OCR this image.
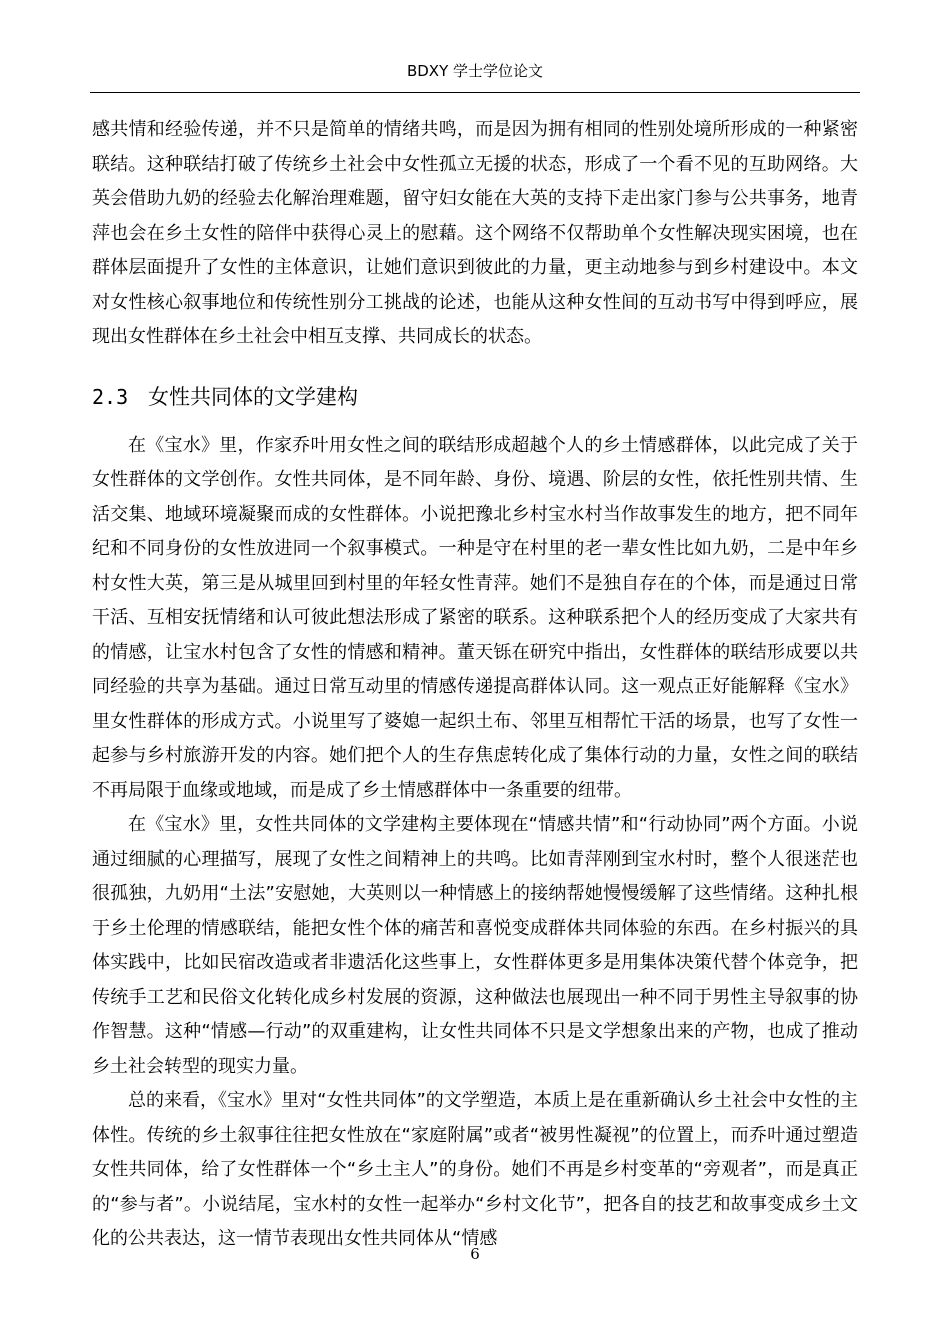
BDXY 学士学位论文

感共情和经验传递，并不只是简单的情绪共鸣，而是因为拥有相同的性别处境所形成的一种紧密联结。这种联结打破了传统乡土社会中女性孤立无援的状态，形成了一个看不见的互助网络。大英会借助九奶的经验去化解治理难题，留守妇女能在大英的支持下走出家门参与公共事务，地青萍也会在乡土女性的陪伴中获得心灵上的慰藉。这个网络不仅帮助单个女性解决现实困境，也在群体层面提升了女性的主体意识，让她们意识到彼此的力量，更主动地参与到乡村建设中。本文对女性核心叙事地位和传统性别分工挑战的论述，也能从这种女性间的互动书写中得到呼应，展现出女性群体在乡土社会中相互支撑、共同成长的状态。

2.3 女性共同体的文学建构

在《宝水》里，作家乔叶用女性之间的联结形成超越个人的乡土情感群体，以此完成了关于女性群体的文学创作。女性共同体，是不同年龄、身份、境遇、阶层的女性，依托性别共情、生活交集、地域环境凝聚而成的女性群体。小说把豫北乡村宝水村当作故事发生的地方，把不同年纪和不同身份的女性放进同一个叙事模式。一种是守在村里的老一辈女性比如九奶，二是中年乡村女性大英，第三是从城里回到村里的年轻女性青萍。她们不是独自存在的个体，而是通过日常干活、互相安抚情绪和认可彼此想法形成了紧密的联系。这种联系把个人的经历变成了大家共有的情感，让宝水村包含了女性的情感和精神。董天铄在研究中指出，女性群体的联结形成要以共同经验的共享为基础。通过日常互动里的情感传递提高群体认同。这一观点正好能解释《宝水》里女性群体的形成方式。小说里写了婆媳一起织土布、邻里互相帮忙干活的场景，也写了女性一起参与乡村旅游开发的内容。她们把个人的生存焦虑转化成了集体行动的力量，女性之间的联结不再局限于血缘或地域，而是成了乡土情感群体中一条重要的纽带。

在《宝水》里，女性共同体的文学建构主要体现在“情感共情”和“行动协同”两个方面。小说通过细腻的心理描写，展现了女性之间精神上的共鸣。比如青萍刚到宝水村时，整个人很迷茫也很孤独，九奶用“土法”安慰她，大英则以一种情感上的接纳帮她慢慢缓解了这些情绪。这种扎根于乡土伦理的情感联结，能把女性个体的痛苦和喜悦变成群体共同体验的东西。在乡村振兴的具体实践中，比如民宿改造或者非遗活化这些事上，女性群体更多是用集体决策代替个体竞争，把传统手工艺和民俗文化转化成乡村发展的资源，这种做法也展现出一种不同于男性主导叙事的协作智慧。这种“情感—行动”的双重建构，让女性共同体不只是文学想象出来的产物，也成了推动乡土社会转型的现实力量。

总的来看，《宝水》里对“女性共同体”的文学塑造，本质上是在重新确认乡土社会中女性的主体性。传统的乡土叙事往往把女性放在“家庭附属”或者“被男性凝视”的位置上，而乔叶通过塑造女性共同体，给了女性群体一个“乡土主人”的身份。她们不再是乡村变革的“旁观者”，而是真正的“参与者”。小说结尾，宝水村的女性一起举办“乡村文化节”，把各自的技艺和故事变成乡土文化的公共表达，这一情节表现出女性共同体从“情感

6
